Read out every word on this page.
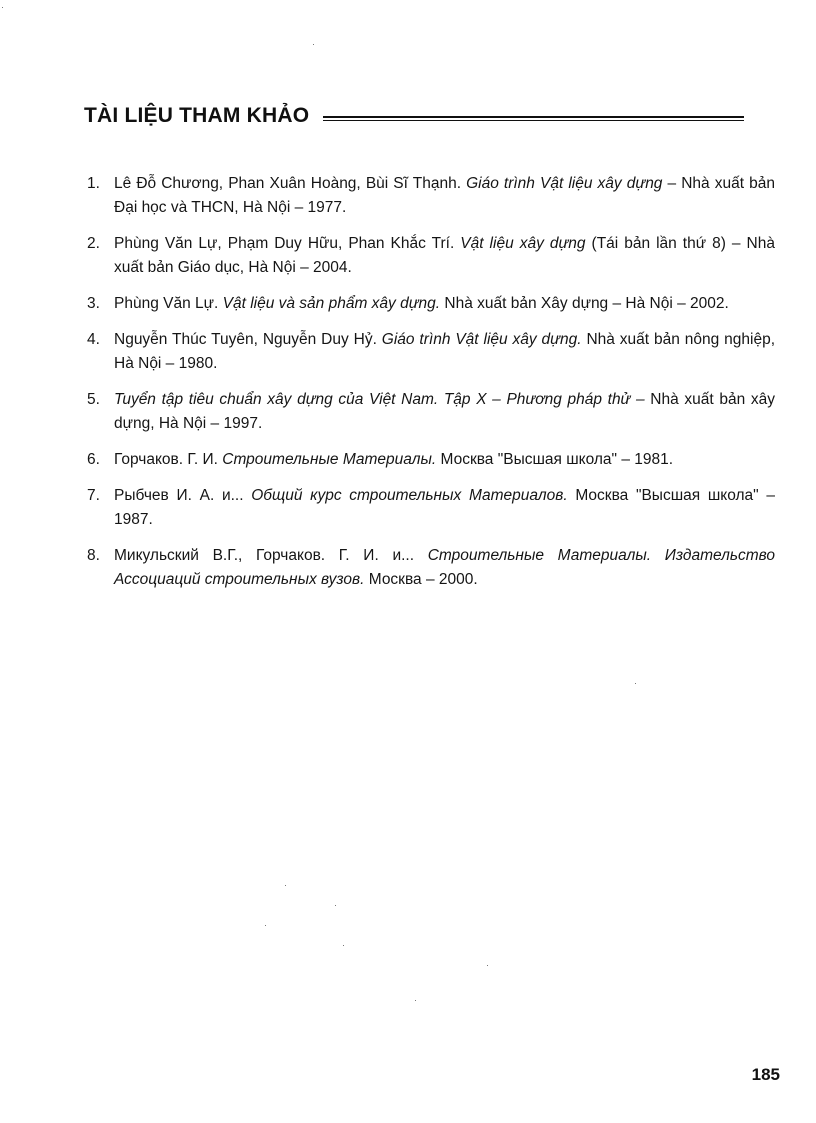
TÀI LIỆU THAM KHẢO
1. Lê Đỗ Chương, Phan Xuân Hoàng, Bùi Sĩ Thạnh. Giáo trình Vật liệu xây dựng – Nhà xuất bản Đại học và THCN, Hà Nội – 1977.
2. Phùng Văn Lự, Phạm Duy Hữu, Phan Khắc Trí. Vật liệu xây dựng (Tái bản lần thứ 8) – Nhà xuất bản Giáo dục, Hà Nội – 2004.
3. Phùng Văn Lự. Vật liệu và sản phẩm xây dựng. Nhà xuất bản Xây dựng – Hà Nội – 2002.
4. Nguyễn Thúc Tuyên, Nguyễn Duy Hỷ. Giáo trình Vật liệu xây dựng. Nhà xuất bản nông nghiệp, Hà Nội – 1980.
5. Tuyển tập tiêu chuẩn xây dựng của Việt Nam. Tập X – Phương pháp thử – Nhà xuất bản xây dựng, Hà Nội – 1997.
6. Горчаков. Г. И. Строительные Материалы. Москва "Высшая школа" – 1981.
7. Рыбчев И. А. и... Общий курс строительных Материалов. Москва "Высшая школа" – 1987.
8. Микульский В.Г., Горчаков. Г. И. и... Строительные Материалы. Издательство Ассоциаций строительных вузов. Москва – 2000.
185
